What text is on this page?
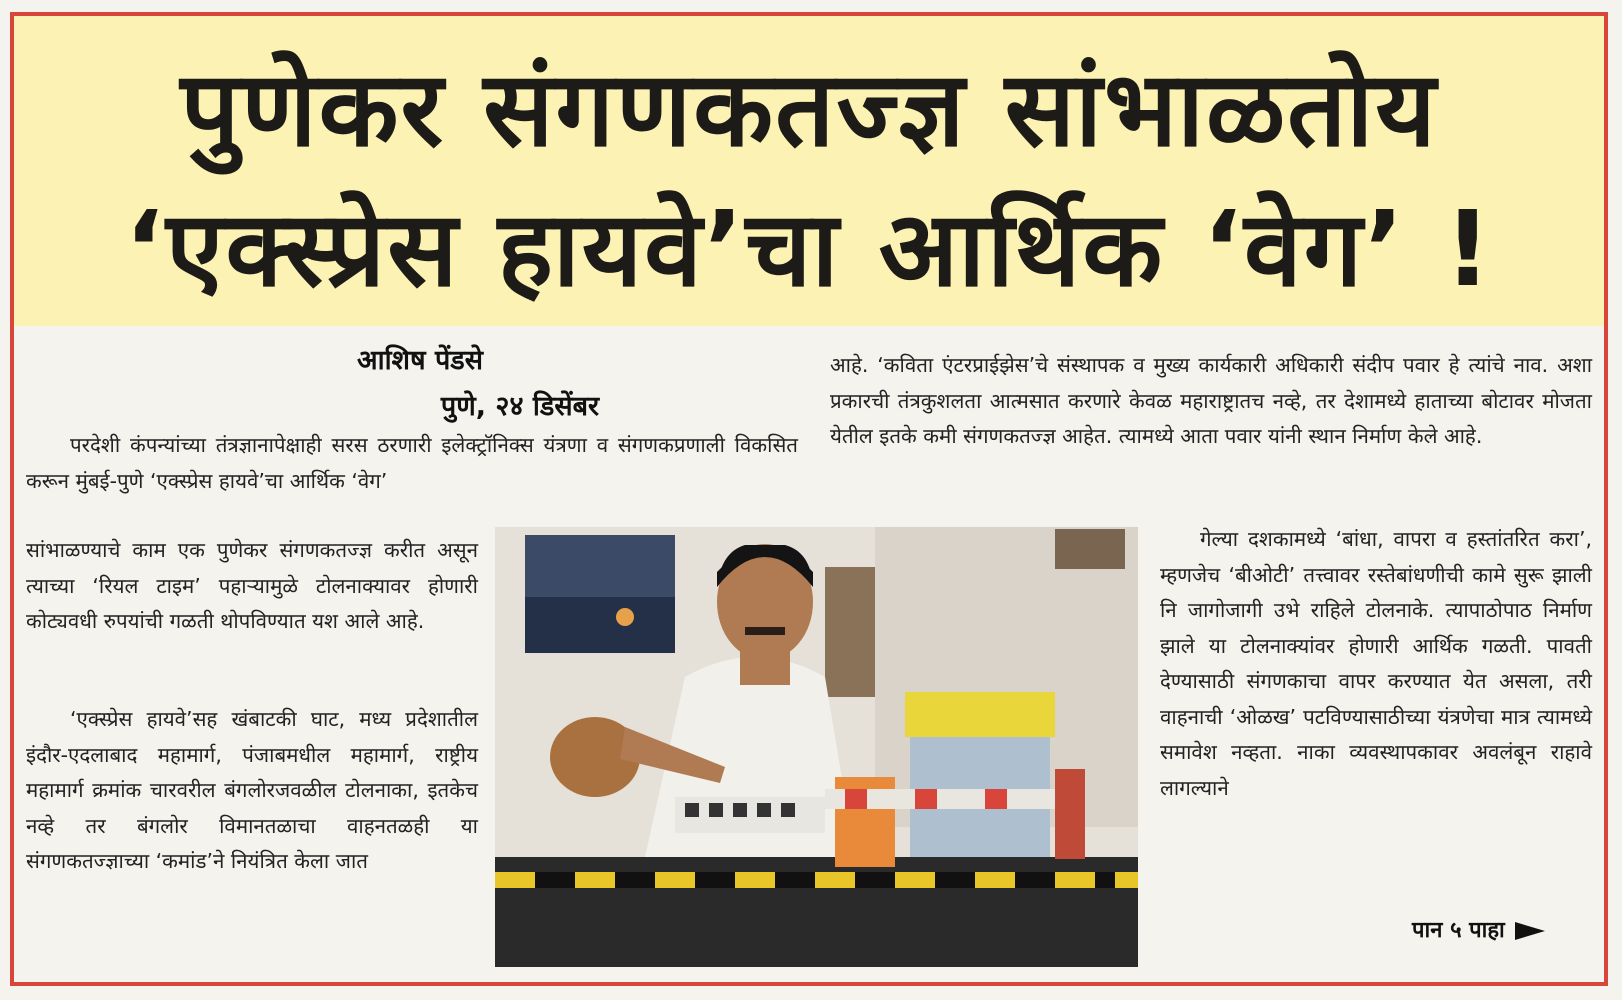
पुणेकर संगणकतज्ज्ञ सांभाळतोय
‘एक्स्प्रेस हायवे’चा आर्थिक ‘वेग’ !
आशिष पेंडसे
पुणे, २४ डिसेंबर

परदेशी कंपन्यांच्या तंत्रज्ञानापेक्षाही सरस ठरणारी इलेक्ट्रॉनिक्स यंत्रणा व संगणकप्रणाली विकसित करून मुंबई-पुणे ‘एक्स्प्रेस हायवे’चा आर्थिक ‘वेग’

सांभाळण्याचे काम एक पुणेकर संगणकतज्ज्ञ करीत असून त्याच्या ‘रियल टाइम’ पहाऱ्यामुळे टोलनाक्यावर होणारी कोट्यवधी रुपयांची गळती थोपविण्यात यश आले आहे.

‘एक्स्प्रेस हायवे’सह खंबाटकी घाट, मध्य प्रदेशातील इंदौर-एदलाबाद महामार्ग, पंजाबमधील महामार्ग, राष्ट्रीय महामार्ग क्रमांक चारवरील बंगलोरजवळील टोलनाका, इतकेच नव्हे तर बंगलोर विमानतळाचा वाहनतळही या संगणकतज्ज्ञाच्या ‘कमांड’ने नियंत्रित केला जात

आहे. ‘कविता एंटरप्राईझेस’चे संस्थापक व मुख्य कार्यकारी अधिकारी संदीप पवार हे त्यांचे नाव. अशा प्रकारची तंत्रकुशलता आत्मसात करणारे केवळ महाराष्ट्रातच नव्हे, तर देशामध्ये हाताच्या बोटावर मोजता येतील इतके कमी संगणकतज्ज्ञ आहेत. त्यामध्ये आता पवार यांनी स्थान निर्माण केले आहे.

गेल्या दशकामध्ये ‘बांधा, वापरा व हस्तांतरित करा’, म्हणजेच ‘बीओटी’ तत्त्वावर रस्तेबांधणीची कामे सुरू झाली नि जागोजागी उभे राहिले टोलनाके. त्यापाठोपाठ निर्माण झाले या टोलनाक्यांवर होणारी आर्थिक गळती. पावती देण्यासाठी संगणकाचा वापर करण्यात येत असला, तरी वाहनाची ‘ओळख’ पटविण्यासाठीच्या यंत्रणेचा मात्र त्यामध्ये समावेश नव्हता. नाका व्यवस्थापकावर अवलंबून राहावे लागल्याने

पान ५ पाहा
